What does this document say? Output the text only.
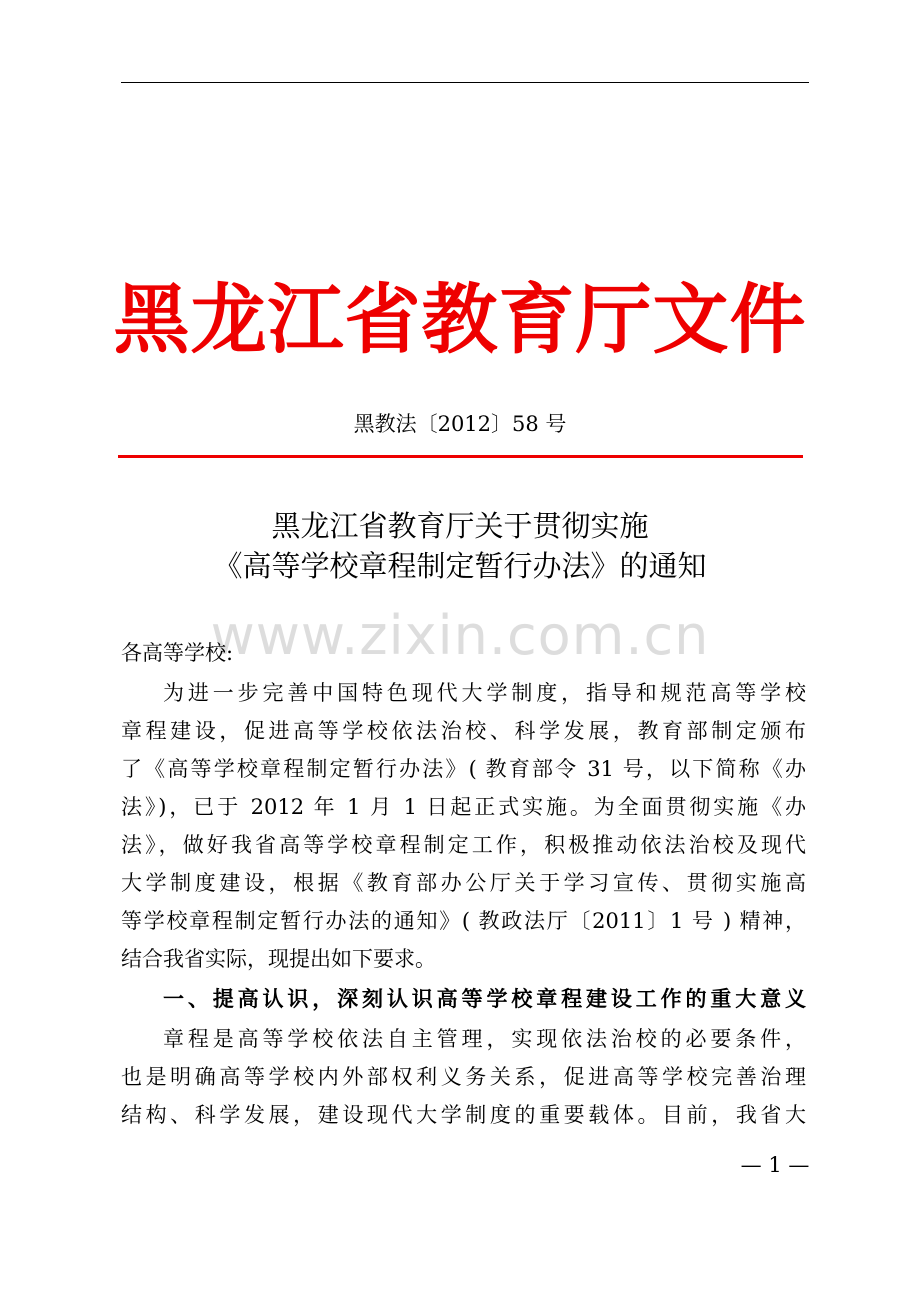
黑龙江省教育厅文件
黑教法〔2012〕58 号
黑龙江省教育厅关于贯彻实施
《高等学校章程制定暂行办法》的通知
www.zixin.com.cn
各高等学校:
为进一步完善中国特色现代大学制度，指导和规范高等学校
章程建设，促进高等学校依法治校、科学发展，教育部制定颁布
了《高等学校章程制定暂行办法》( 教育部令 31 号，以下简称《办
法》)，已于 2012 年 1 月 1 日起正式实施。为全面贯彻实施《办
法》，做好我省高等学校章程制定工作，积极推动依法治校及现代
大学制度建设，根据《教育部办公厅关于学习宣传、贯彻实施高
等学校章程制定暂行办法的通知》( 教政法厅〔2011〕1 号 ) 精神，
结合我省实际，现提出如下要求。
一、提高认识，深刻认识高等学校章程建设工作的重大意义
章程是高等学校依法自主管理，实现依法治校的必要条件，
也是明确高等学校内外部权利义务关系，促进高等学校完善治理
结构、科学发展，建设现代大学制度的重要载体。目前，我省大
— 1 —
